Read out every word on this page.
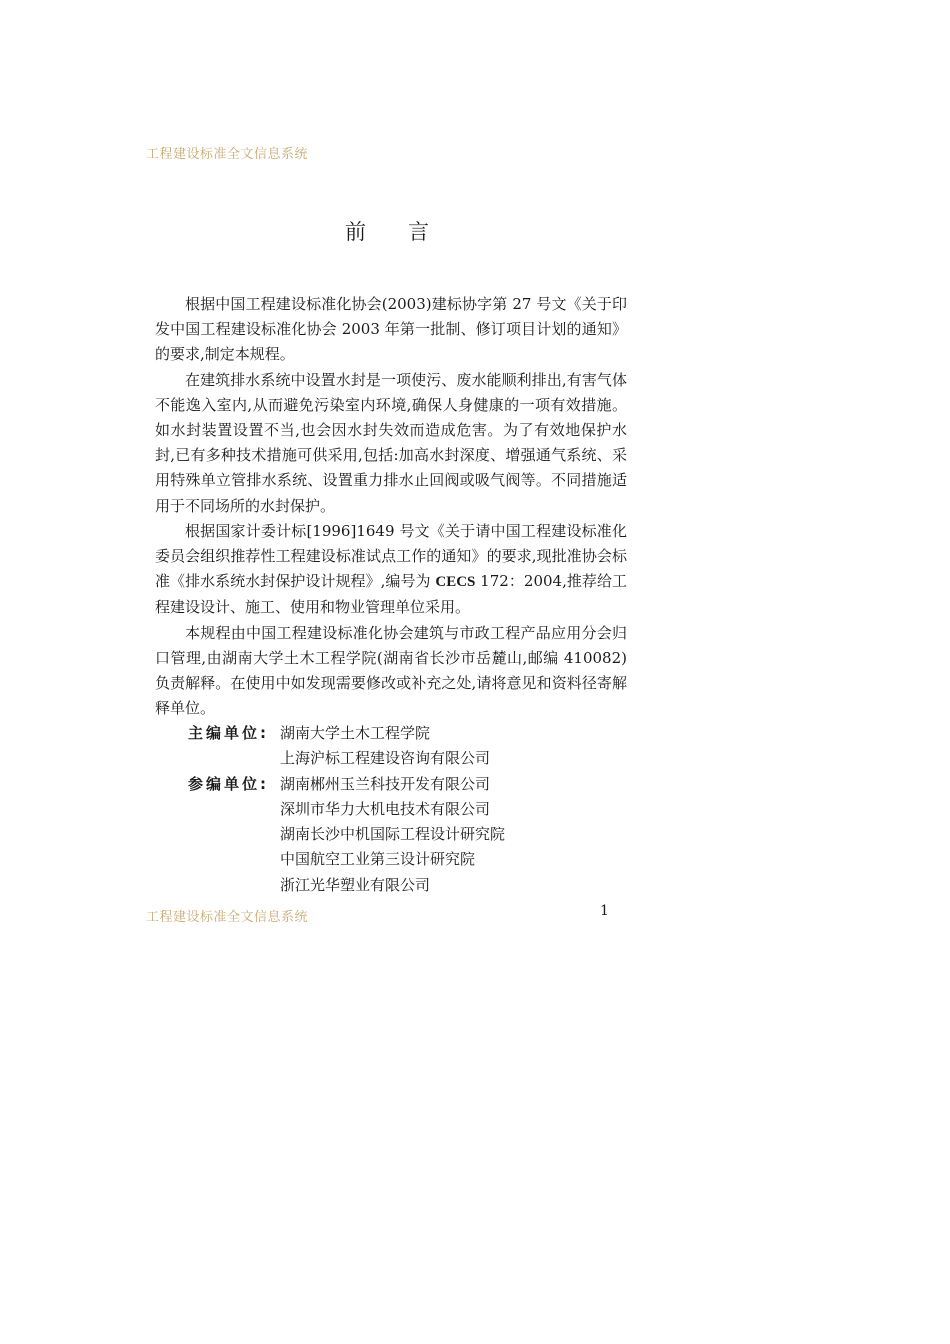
工程建设标准全文信息系统
前言

根据中国工程建设标准化协会(2003)建标协字第 27 号文《关于印发中国工程建设标准化协会 2003 年第一批制、修订项目计划的通知》的要求,制定本规程。

在建筑排水系统中设置水封是一项使污、废水能顺利排出,有害气体不能逸入室内,从而避免污染室内环境,确保人身健康的一项有效措施。如水封装置设置不当,也会因水封失效而造成危害。为了有效地保护水封,已有多种技术措施可供采用,包括:加高水封深度、增强通气系统、采用特殊单立管排水系统、设置重力排水止回阀或吸气阀等。不同措施适用于不同场所的水封保护。

根据国家计委计标[1996]1649 号文《关于请中国工程建设标准化委员会组织推荐性工程建设标准试点工作的通知》的要求,现批准协会标准《排水系统水封保护设计规程》,编号为 CECS 172：2004,推荐给工程建设设计、施工、使用和物业管理单位采用。

本规程由中国工程建设标准化协会建筑与市政工程产品应用分会归口管理,由湖南大学土木工程学院(湖南省长沙市岳麓山,邮编 410082)负责解释。在使用中如发现需要修改或补充之处,请将意见和资料径寄解释单位。

主编单位: 湖南大学土木工程学院
上海沪标工程建设咨询有限公司
参编单位: 湖南郴州玉兰科技开发有限公司
深圳市华力大机电技术有限公司
湖南长沙中机国际工程设计研究院
中国航空工业第三设计研究院
浙江光华塑业有限公司
工程建设标准全文信息系统	1
